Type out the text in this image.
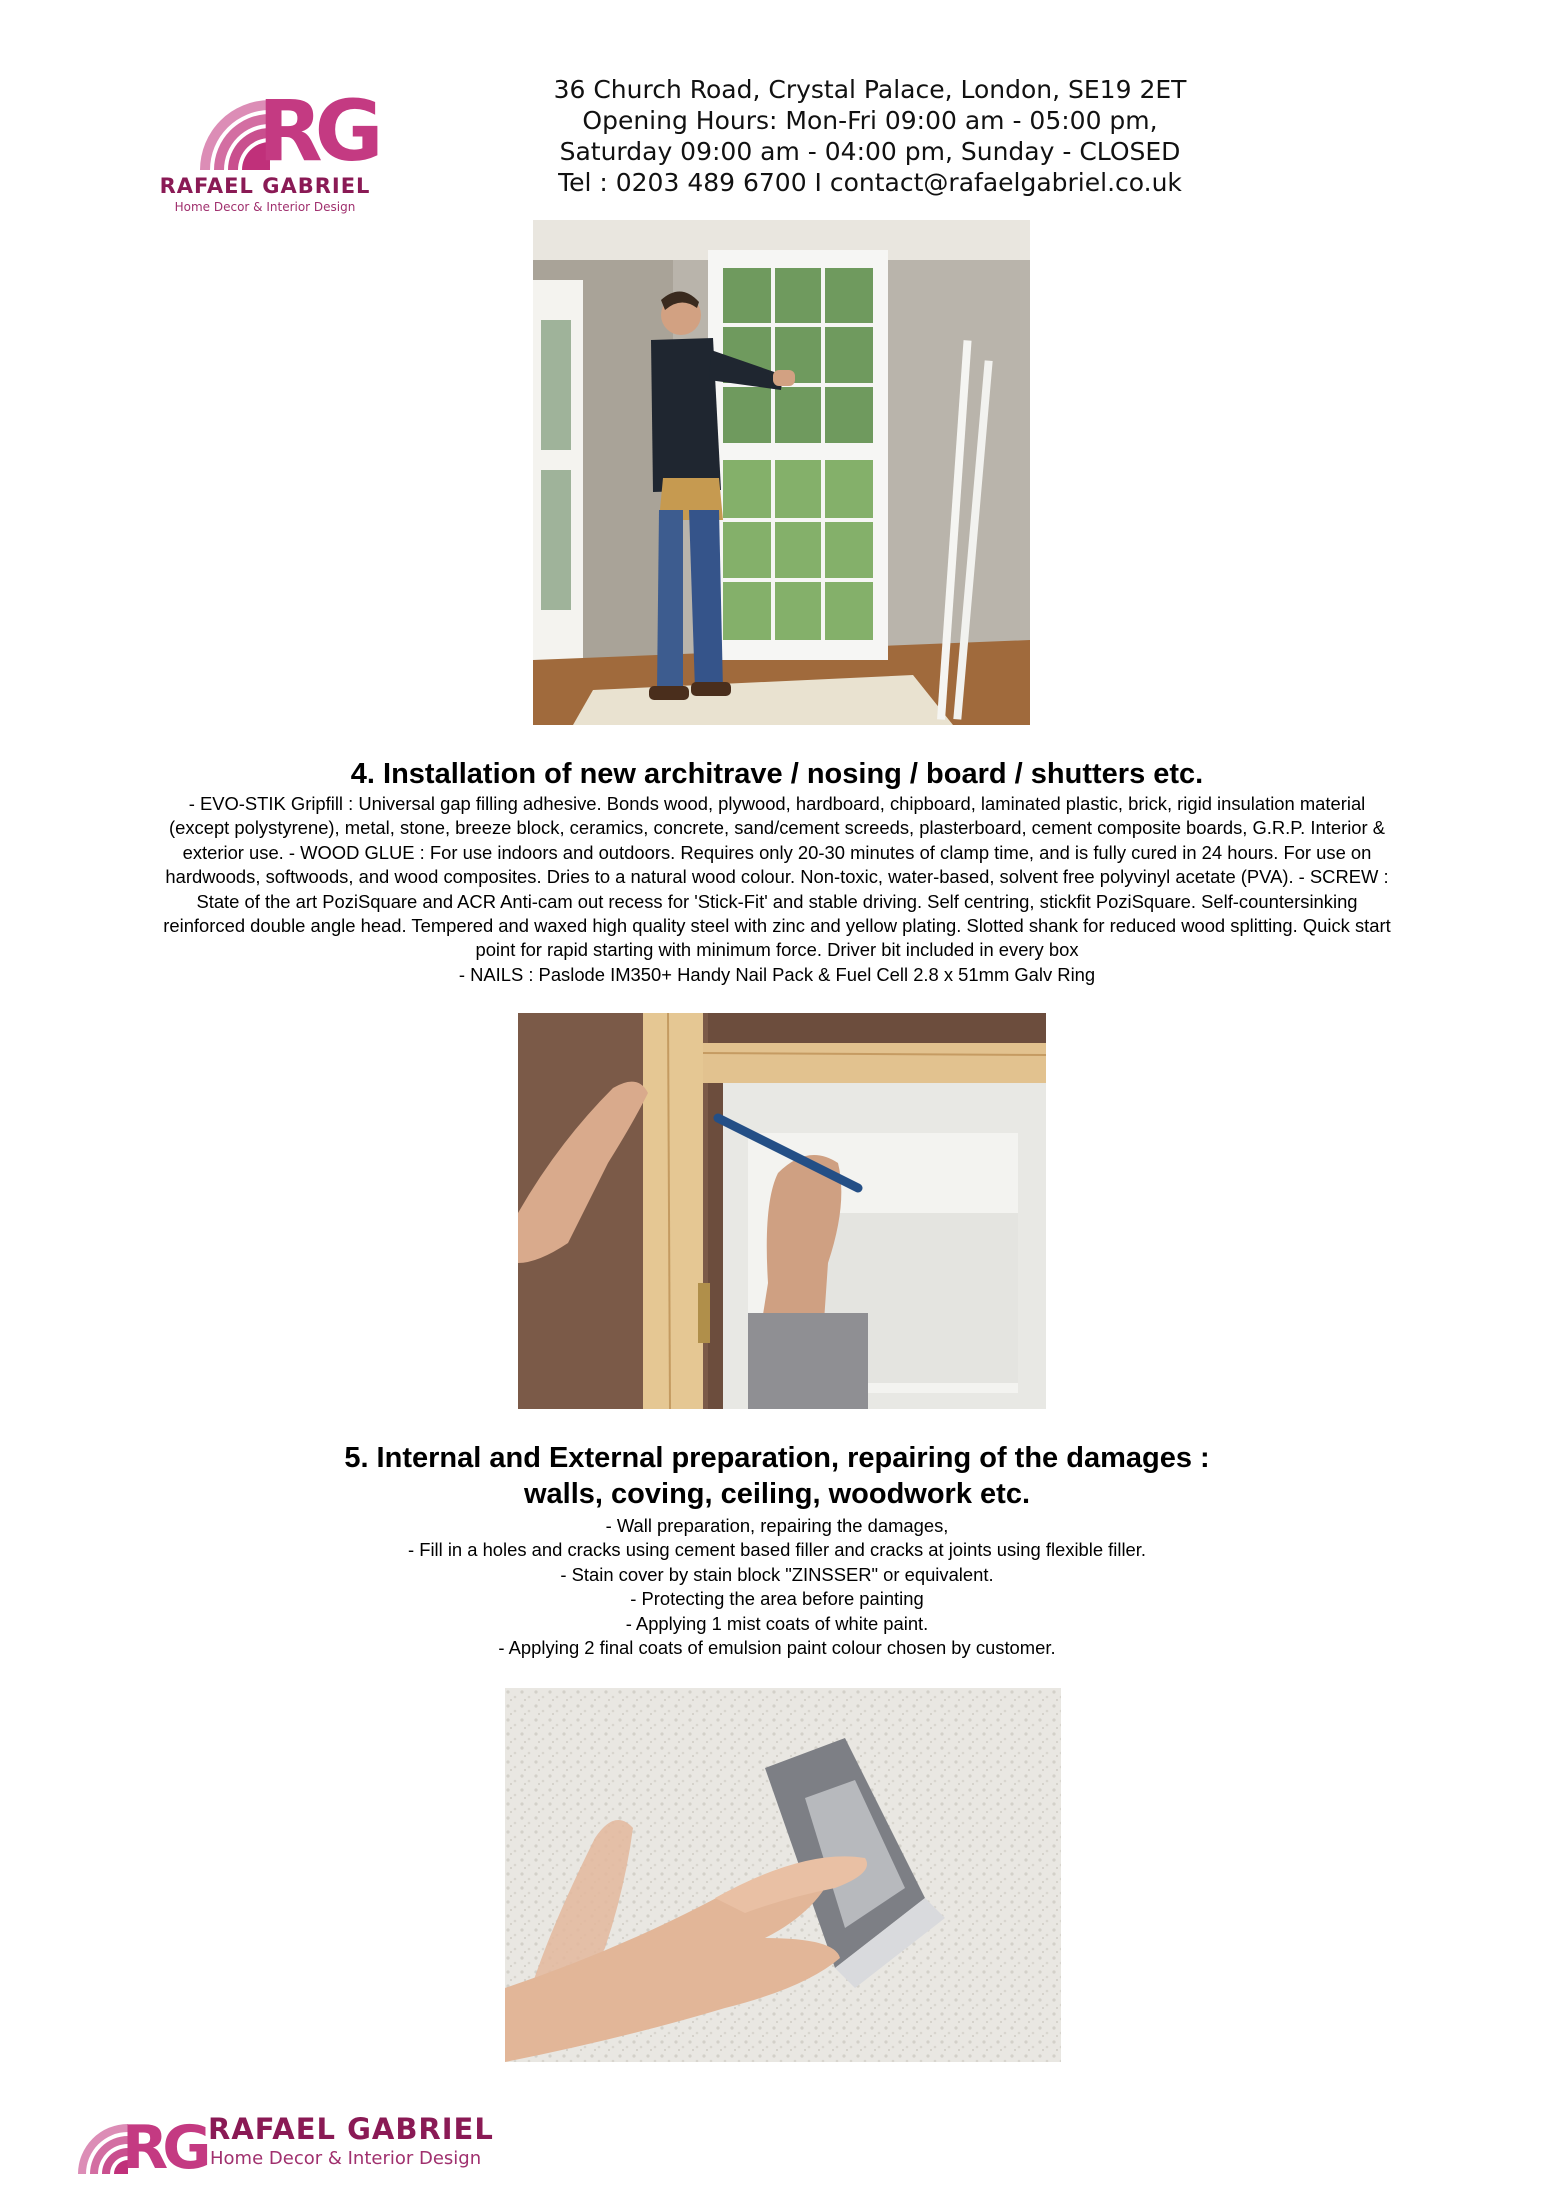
RG
RAFAEL GABRIEL
Home Decor & Interior Design
36 Church Road, Crystal Palace, London, SE19 2ET
Opening Hours: Mon-Fri 09:00 am - 05:00 pm,
Saturday 09:00 am - 04:00 pm, Sunday - CLOSED
Tel : 0203 489 6700 I contact@rafaelgabriel.co.uk
4. Installation of new architrave / nosing / board / shutters etc.
- EVO-STIK Gripfill : Universal gap filling adhesive. Bonds wood, plywood, hardboard, chipboard, laminated plastic, brick, rigid insulation material
(except polystyrene), metal, stone, breeze block, ceramics, concrete, sand/cement screeds, plasterboard, cement composite boards, G.R.P. Interior &
exterior use. - WOOD GLUE : For use indoors and outdoors. Requires only 20-30 minutes of clamp time, and is fully cured in 24 hours. For use on
hardwoods, softwoods, and wood composites. Dries to a natural wood colour. Non-toxic, water-based, solvent free polyvinyl acetate (PVA). - SCREW :
State of the art PoziSquare and ACR Anti-cam out recess for 'Stick-Fit' and stable driving. Self centring, stickfit PoziSquare. Self-countersinking
reinforced double angle head. Tempered and waxed high quality steel with zinc and yellow plating. Slotted shank for reduced wood splitting. Quick start
point for rapid starting with minimum force. Driver bit included in every box
- NAILS : Paslode IM350+ Handy Nail Pack & Fuel Cell 2.8 x 51mm Galv Ring
5. Internal and External preparation, repairing of the damages :
walls, coving, ceiling, woodwork etc.
- Wall preparation, repairing the damages,
- Fill in a holes and cracks using cement based filler and cracks at joints using flexible filler.
- Stain cover by stain block "ZINSSER" or equivalent.
- Protecting the area before painting
- Applying 1 mist coats of white paint.
- Applying 2 final coats of emulsion paint colour chosen by customer.
RG RAFAEL GABRIEL
Home Decor & Interior Design
